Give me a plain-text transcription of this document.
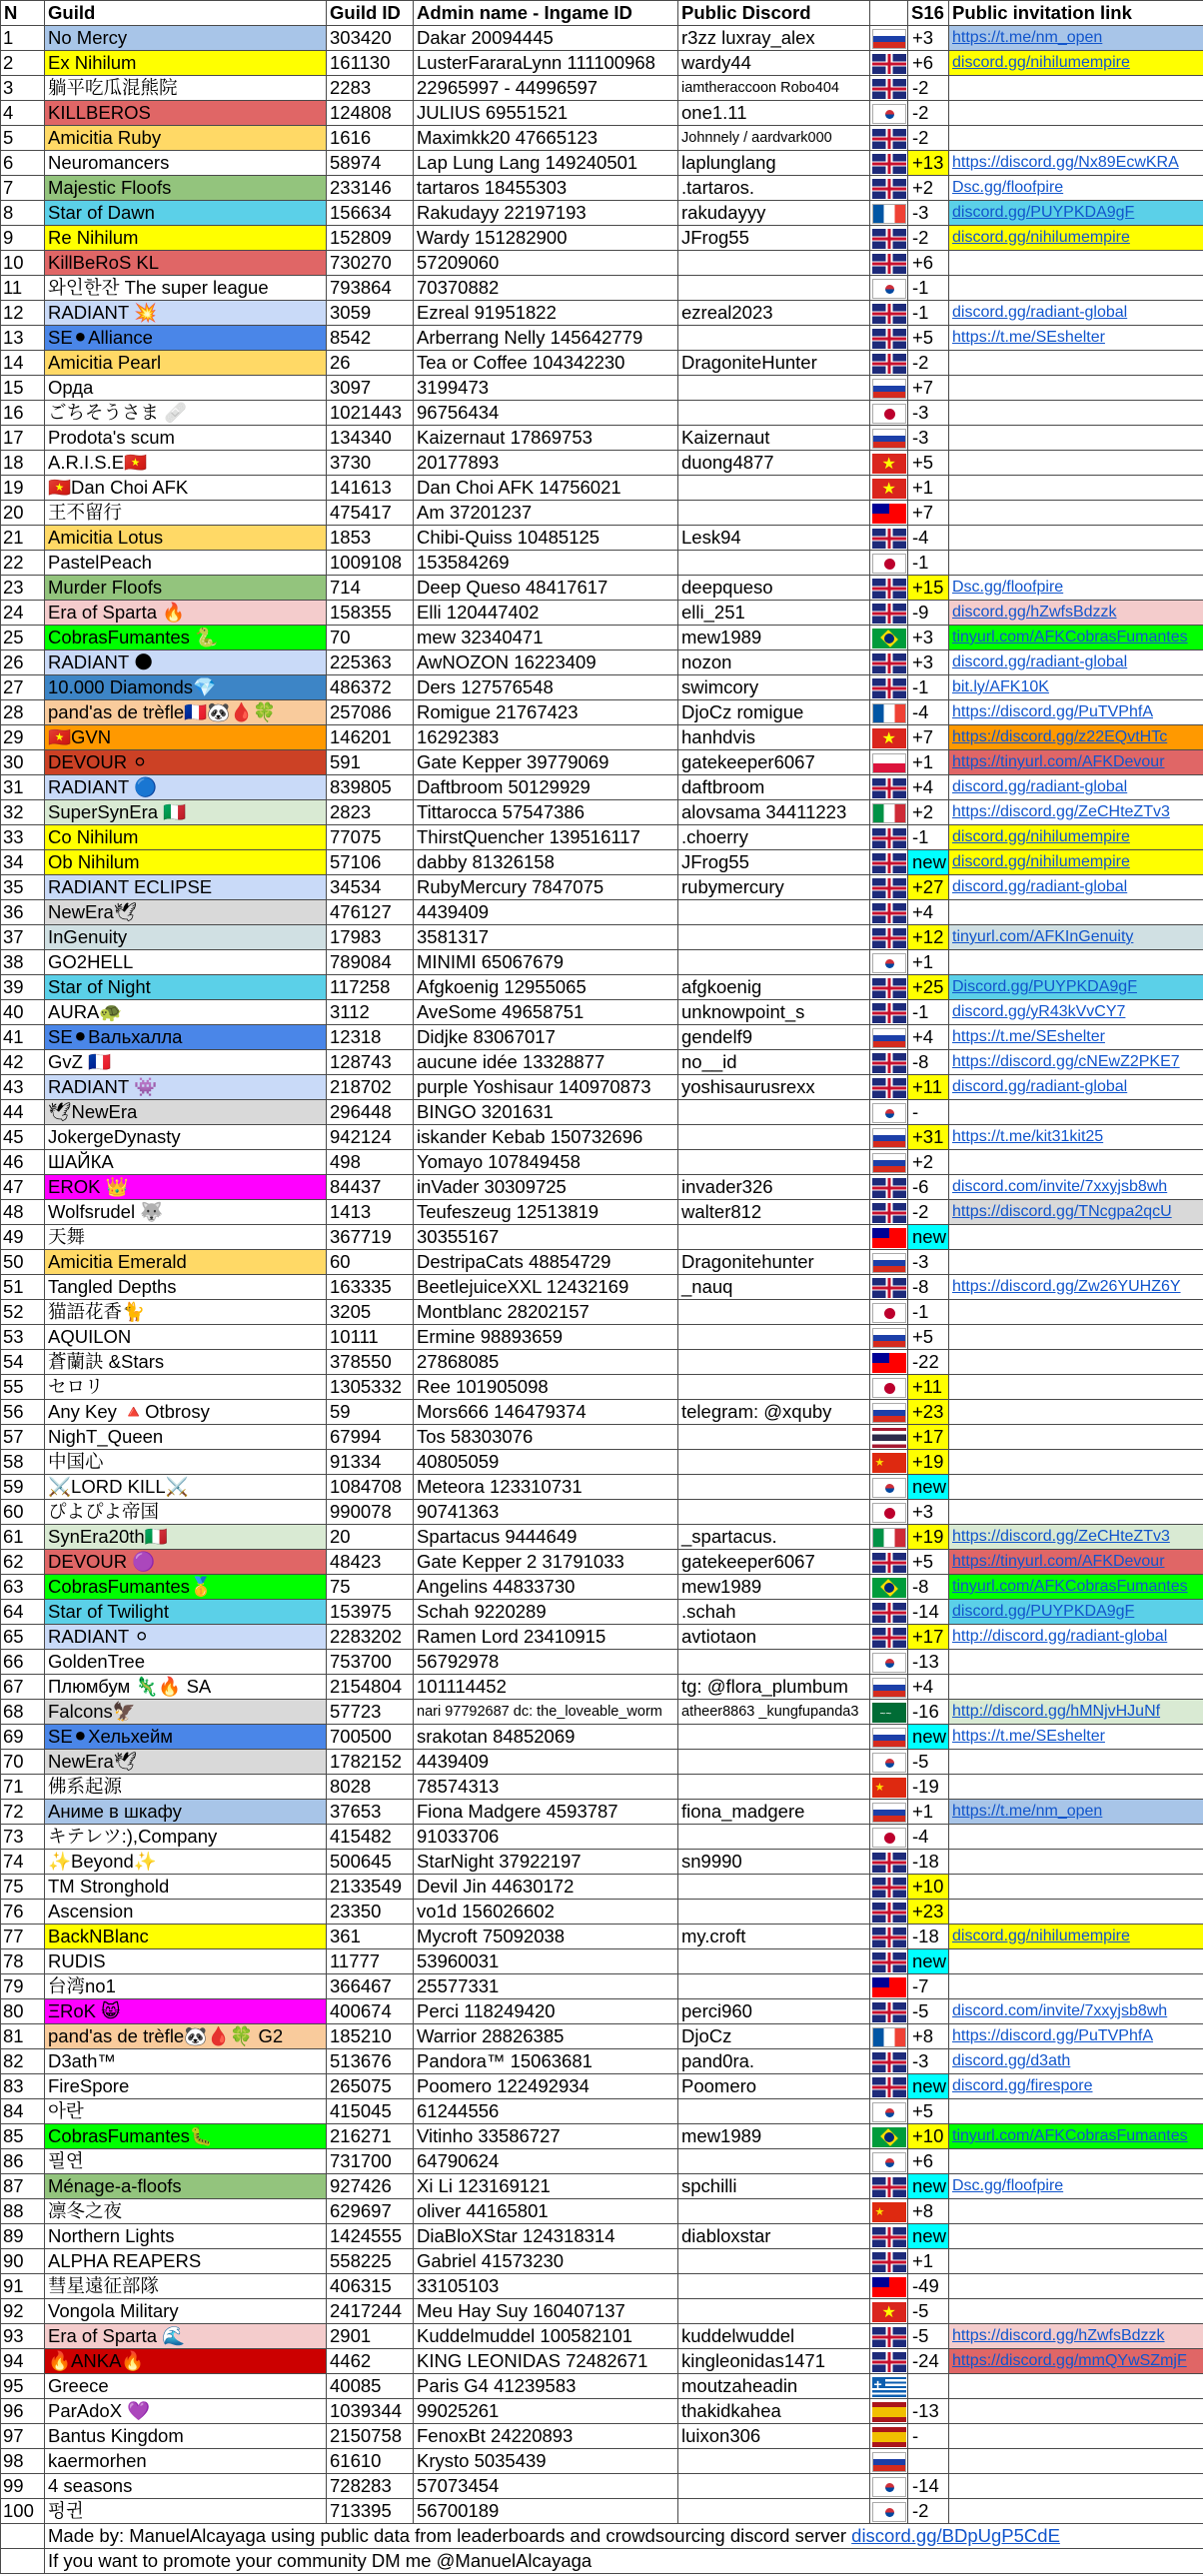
N	Guild	Guild ID	Admin name - Ingame ID	Public Discord		S16	Public invitation link
1	No Mercy	303420	Dakar 20094445	r3zz luxray_alex		+3	https://t.me/nm_open
2	Ex Nihilum	161130	LusterFararaLynn 111100968	wardy44		+6	discord.gg/nihilumempire
3	躺平吃瓜混熊院	2283	22965997 - 44996597	iamtheraccoon Robo404		-2	
4	KILLBEROS	124808	JULIUS 69551521	one1.11		-2	
5	Amicitia Ruby	1616	Maximkk20 47665123	Johnnely / aardvark000		-2	
6	Neuromancers	58974	Lap Lung Lang 149240501	laplunglang		+13	https://discord.gg/Nx89EcwKRA
7	Majestic Floofs	233146	tartaros 18455303	.tartaros.		+2	Dsc.gg/floofpire
8	Star of Dawn	156634	Rakudayy 22197193	rakudayyy		-3	discord.gg/PUYPKDA9gF
9	Re Nihilum	152809	Wardy 151282900	JFrog55		-2	discord.gg/nihilumempire
10	KillBeRoS KL	730270	57209060			+6	
11	와인한잔 The super league	793864	70370882			-1	
12	RADIANT 💥	3059	Ezreal 91951822	ezreal2023		-1	discord.gg/radiant-global
13	SE⚫Alliance	8542	Arberrang Nelly 145642779			+5	https://t.me/SEshelter
14	Amicitia Pearl	26	Tea or Coffee 104342230	DragoniteHunter		-2	
15	Орда	3097	3199473			+7	
16	ごちそうさま 🩹	1021443	96756434			-3	
17	Prodota's scum	134340	Kaizernaut 17869753	Kaizernaut		-3	
18	A.R.I.S.E🇻🇳	3730	20177893	duong4877	★	+5	
19	🇻🇳Dan Choi AFK	141613	Dan Choi AFK 14756021		★	+1	
20	王不留行	475417	Am 37201237			+7	
21	Amicitia Lotus	1853	Chibi-Quiss 10485125	Lesk94		-4	
22	PastelPeach	1009108	153584269			-1	
23	Murder Floofs	714	Deep Queso 48417617	deepqueso		+15	Dsc.gg/floofpire
24	Era of Sparta 🔥	158355	Elli 120447402	elli_251		-9	discord.gg/hZwfsBdzzk
25	CobrasFumantes 🐍	70	mew 32340471	mew1989		+3	tinyurl.com/AFKCobrasFumantes
26	RADIANT 🌑	225363	AwNOZON 16223409	nozon		+3	discord.gg/radiant-global
27	10.000 Diamonds💎	486372	Ders 127576548	swimcory		-1	bit.ly/AFK10K
28	pand'as de trèfle🇫🇷🐼🩸🍀	257086	Romigue 21767423	DjoCz romigue		-4	https://discord.gg/PuTVPhfA
29	🇻🇳GVN	146201	16292383	hanhdvis	★	+7	https://discord.gg/z22EQvtHTc
30	DEVOUR ⚪	591	Gate Kepper 39779069	gatekeeper6067		+1	https://tinyurl.com/AFKDevour
31	RADIANT 🔵	839805	Daftbroom 50129929	daftbroom		+4	discord.gg/radiant-global
32	SuperSynEra 🇮🇹	2823	Tittarocca 57547386	alovsama 34411223		+2	https://discord.gg/ZeCHteZTv3
33	Co Nihilum	77075	ThirstQuencher 139516117	.choerry		-1	discord.gg/nihilumempire
34	Ob Nihilum	57106	dabby 81326158	JFrog55		new	discord.gg/nihilumempire
35	RADIANT ECLIPSE	34534	RubyMercury 7847075	rubymercury		+27	discord.gg/radiant-global
36	NewEra🕊	476127	4439409			+4	
37	InGenuity	17983	3581317			+12	tinyurl.com/AFKInGenuity
38	GO2HELL	789084	MINIMI 65067679			+1	
39	Star of Night	117258	Afgkoenig 12955065	afgkoenig		+25	Discord.gg/PUYPKDA9gF
40	AURA🐢	3112	AveSome 49658751	unknowpoint_s		-1	discord.gg/yR43kVvCY7
41	SE⚫Вальхалла	12318	Didjke 83067017	gendelf9		+4	https://t.me/SEshelter
42	GvZ 🇫🇷	128743	aucune idée 13328877	no__id		-8	https://discord.gg/cNEwZ2PKE7
43	RADIANT 👾	218702	purple Yoshisaur 140970873	yoshisaurusrexx		+11	discord.gg/radiant-global
44	🕊NewEra	296448	BINGO 3201631			-	
45	JokergeDynasty	942124	iskander Kebab 150732696			+31	https://t.me/kit31kit25
46	ШАЙКА	498	Yomayo 107849458			+2	
47	EROK 👑	84437	inVader 30309725	invader326		-6	discord.com/invite/7xxyjsb8wh
48	Wolfsrudel 🐺	1413	Teufeszeug 12513819	walter812		-2	https://discord.gg/TNcgpa2qcU
49	天舞	367719	30355167			new	
50	Amicitia Emerald	60	DestripaCats 48854729	Dragonitehunter		-3	
51	Tangled Depths	163335	BeetlejuiceXXL 12432169	_nauq		-8	https://discord.gg/Zw26YUHZ6Y
52	猫語花香🐈	3205	Montblanc 28202157			-1	
53	AQUILON	10111	Ermine 98893659			+5	
54	蒼蘭訣 &Stars	378550	27868085			-22	
55	セロリ	1305332	Ree 101905098			+11	
56	Any Key 🔺Otbrosy	59	Mors666 146479374	telegram: @xquby		+23	
57	NighT_Queen	67994	Tos 58303076			+17	
58	中国心	91334	40805059		★	+19	
59	⚔️LORD KILL⚔️	1084708	Meteora 123310731			new	
60	ぴよぴよ帝国	990078	90741363			+3	
61	SynEra20th🇮🇹	20	Spartacus 9444649	_spartacus.		+19	https://discord.gg/ZeCHteZTv3
62	DEVOUR 🟣	48423	Gate Kepper 2 31791033	gatekeeper6067		+5	https://tinyurl.com/AFKDevour
63	CobrasFumantes🥇	75	Angelins 44833730	mew1989		-8	tinyurl.com/AFKCobrasFumantes
64	Star of Twilight	153975	Schah 9220289	.schah		-14	discord.gg/PUYPKDA9gF
65	RADIANT ⚪	2283202	Ramen Lord 23410915	avtiotaon		+17	http://discord.gg/radiant-global
66	GoldenTree	753700	56792978			-13	
67	Плюмбум 🦎🔥 SA	2154804	101114452	tg: @flora_plumbum		+4	
68	Falcons🦅	57723	nari 97792687 dc: the_loveable_worm	atheer8863 _kungfupanda3	~~	-16	http://discord.gg/hMNjvHJuNf
69	SE⚫Хельхейм	700500	srakotan 84852069			new	https://t.me/SEshelter
70	NewEra🕊	1782152	4439409			-5	
71	佛系起源	8028	78574313		★	-19	
72	Аниме в шкафу	37653	Fiona Madgere 4593787	fiona_madgere		+1	https://t.me/nm_open
73	キテレツ:),Company	415482	91033706			-4	
74	✨Beyond✨	500645	StarNight 37922197	sn9990		-18	
75	TM Stronghold	2133549	Devil Jin 44630172			+10	
76	Ascension	23350	vo1d 156026602			+23	
77	BackNBlanc	361	Mycroft 75092038	my.croft		-18	discord.gg/nihilumempire
78	RUDIS	11777	53960031			new	
79	台湾no1	366467	25577331			-7	
80	ΞRoK 😸	400674	Perci 118249420	perci960		-5	discord.com/invite/7xxyjsb8wh
81	pand'as de trèfle🐼🩸🍀 G2	185210	Warrior 28826385	DjoCz		+8	https://discord.gg/PuTVPhfA
82	D3ath™	513676	Pandora™ 15063681	pand0ra.		-3	discord.gg/d3ath
83	FireSpore	265075	Poomero 122492934	Poomero		new	discord.gg/firespore
84	아란	415045	61244556			+5	
85	CobrasFumantes🐛	216271	Vitinho 33586727	mew1989		+10	tinyurl.com/AFKCobrasFumantes
86	필연	731700	64790624			+6	
87	Ménage-a-floofs	927426	Xi Li 123169121	spchilli		new	Dsc.gg/floofpire
88	凛冬之夜	629697	oliver 44165801		★	+8	
89	Northern Lights	1424555	DiaBloXStar 124318314	diabloxstar		new	
90	ALPHA REAPERS	558225	Gabriel 41573230			+1	
91	彗星遠征部隊	406315	33105103			-49	
92	Vongola Military	2417244	Meu Hay Suy 160407137		★	-5	
93	Era of Sparta 🌊	2901	Kuddelmuddel 100582101	kuddelwuddel		-5	https://discord.gg/hZwfsBdzzk
94	🔥ANKA🔥	4462	KING LEONIDAS 72482671	kingleonidas1471		-24	https://discord.gg/mmQYwSZmjF
95	Greece	40085	Paris G4 41239583	moutzaheadin	+		
96	ParAdoX 💜	1039344	99025261	thakidkahea		-13	
97	Bantus Kingdom	2150758	FenoxBt 24220893	luixon306		-	
98	kaermorhen	61610	Krysto 5035439				
99	4 seasons	728283	57073454			-14	
100	펑귄	713395	56700189			-2	
	Made by: ManuelAlcayaga using public data from leaderboards and crowdsourcing discord server discord.gg/BDpUgP5CdE						
	If you want to promote your community DM me @ManuelAlcayaga						
